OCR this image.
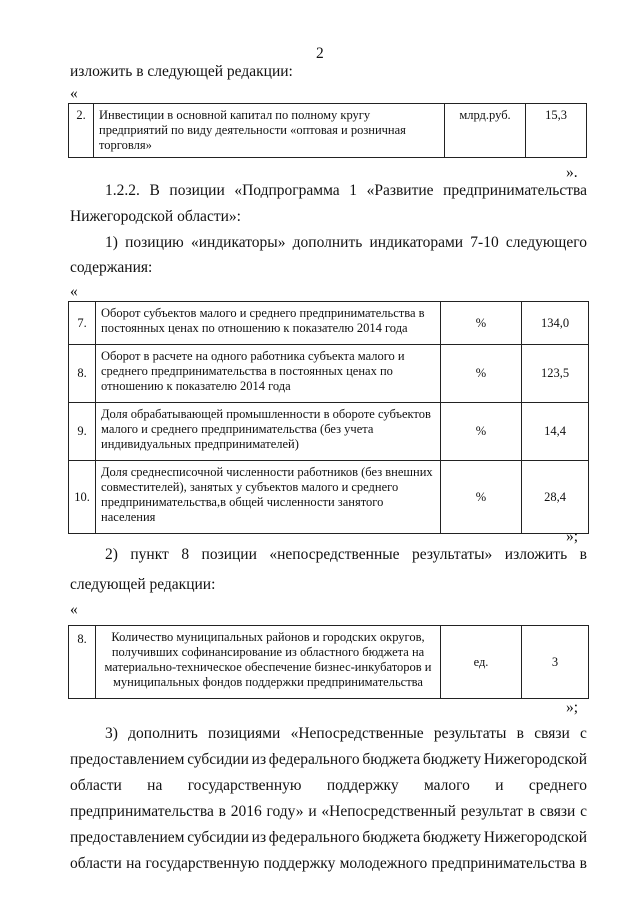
2
изложить в следующей редакции:
«
2.	Инвестиции в основной капитал по полному кругу предприятий по виду деятельности «оптовая и розничная торговля»	млрд.руб.	15,3
».
1.2.2. В позиции «Подпрограмма 1 «Развитие предпринимательства
Нижегородской области»:
1) позицию «индикаторы» дополнить индикаторами 7-10 следующего
содержания:
«
7.	Оборот субъектов малого и среднего предпринимательства в постоянных ценах по отношению к показателю 2014 года	%	134,0
8.	Оборот в расчете на одного работника субъекта малого и среднего предпринимательства в постоянных ценах по отношению к показателю 2014 года	%	123,5
9.	Доля обрабатывающей промышленности в обороте субъектов малого и среднего предпринимательства (без учета индивидуальных предпринимателей)	%	14,4
10.	Доля среднесписочной численности работников (без внешних совместителей), занятых у субъектов малого и среднего предпринимательства,в общей численности занятого населения	%	28,4
»;
2) пункт 8 позиции «непосредственные результаты» изложить в
следующей редакции:
«
8.	Количество муниципальных районов и городских округов, получивших софинансирование из областного бюджета на материально-техническое обеспечение бизнес-инкубаторов и муниципальных фондов поддержки предпринимательства	ед.	3
»;
3) дополнить позициями «Непосредственные результаты в связи с
предоставлением субсидии из федерального бюджета бюджету Нижегородской
области на государственную поддержку малого и среднего
предпринимательства в 2016 году» и «Непосредственный результат в связи с
предоставлением субсидии из федерального бюджета бюджету Нижегородской
области на государственную поддержку молодежного предпринимательства в
